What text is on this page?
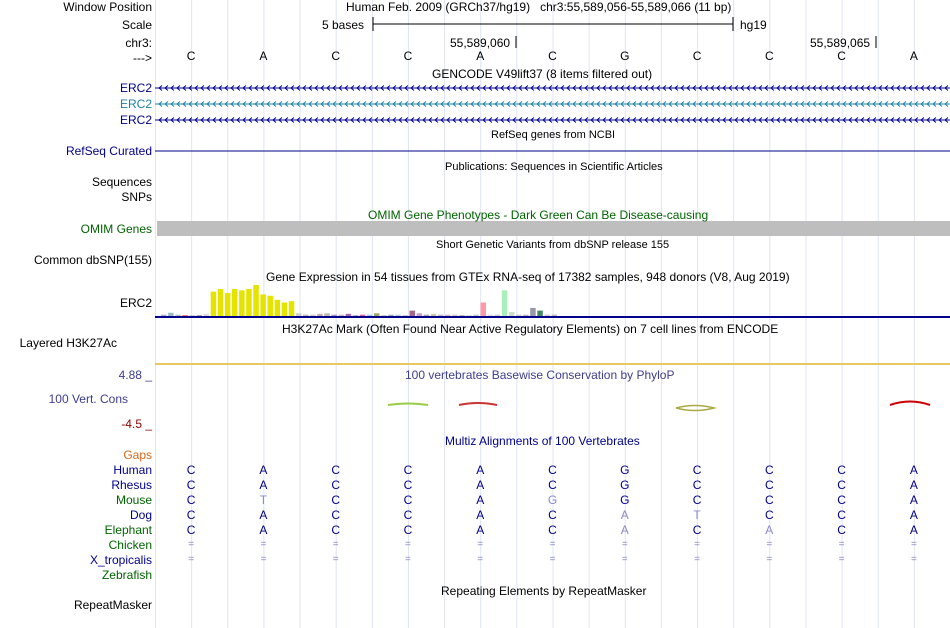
Window Position
Scale
chr3:
--->
Human Feb. 2009 (GRCh37/hg19) chr3:55,589,056-55,589,066 (11 bp)
5 bases	hg19
55,589,060	55,589,065
C	A	C	C	A	C	G	C	C	C	A
GENCODE V49lift37 (8 items filtered out)
ERC2
ERC2
ERC2
RefSeq genes from NCBI
RefSeq Curated
Publications: Sequences in Scientific Articles
Sequences
SNPs
OMIM Gene Phenotypes - Dark Green Can Be Disease-causing
OMIM Genes
Short Genetic Variants from dbSNP release 155
Common dbSNP(155)
Gene Expression in 54 tissues from GTEx RNA-seq of 17382 samples, 948 donors (V8, Aug 2019)
ERC2
H3K27Ac Mark (Often Found Near Active Regulatory Elements) on 7 cell lines from ENCODE
Layered H3K27Ac
4.88 _	100 vertebrates Basewise Conservation by PhyloP
100 Vert. Cons
-4.5 _
Multiz Alignments of 100 Vertebrates
Gaps
Human	C	A	C	C	A	C	G	C	C	C	A
Rhesus	C	A	C	C	A	C	G	C	C	C	A
Mouse	C	T	C	C	A	G	G	C	C	C	A
Dog	C	A	C	C	A	C	A	T	C	C	A
Elephant	C	A	C	C	A	C	A	C	A	C	A
Chicken	=	=	=	=	=	=	=	=	=	=	=
X_tropicalis	=	=	=	=	=	=	=	=	=	=	=
Zebrafish
Repeating Elements by RepeatMasker
RepeatMasker
